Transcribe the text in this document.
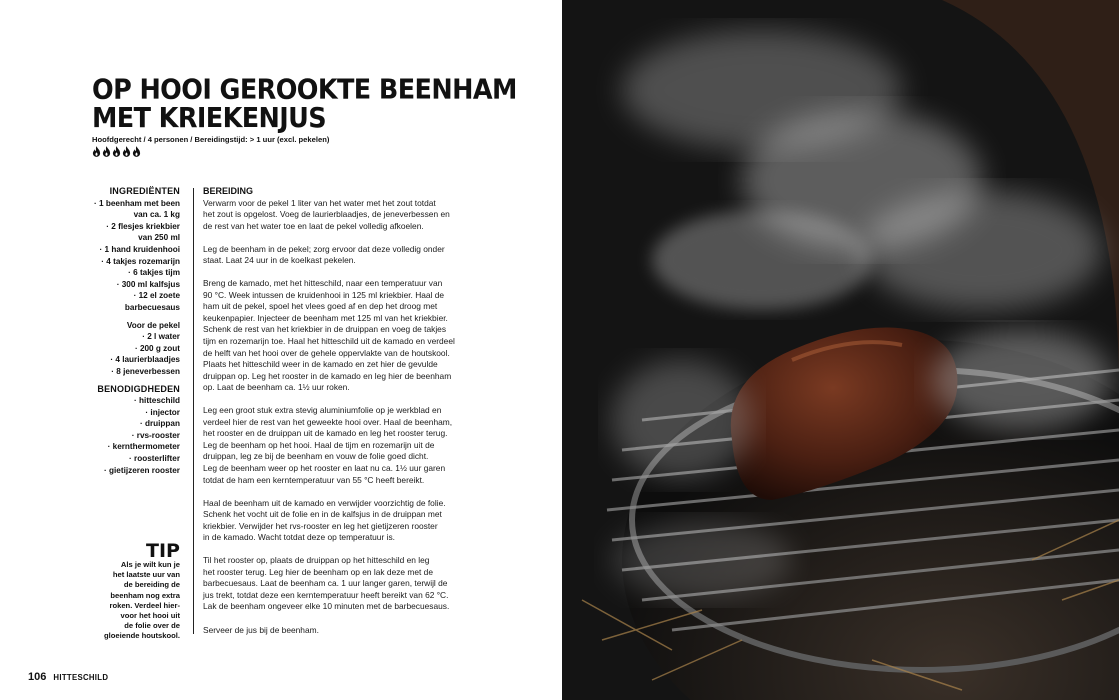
OP HOOI GEROOKTE BEENHAM
MET KRIEKENJUS
Hoofdgerecht / 4 personen / Bereidingstijd: > 1 uur (excl. pekelen)
INGREDIËNTEN
· 1 beenham met been
van ca. 1 kg
· 2 flesjes kriekbier
van 250 ml
· 1 hand kruidenhooi
· 4 takjes rozemarijn
· 6 takjes tijm
· 300 ml kalfsjus
· 12 el zoete
barbecuesaus
Voor de pekel
· 2 l water
· 200 g zout
· 4 laurierblaadjes
· 8 jeneverbessen
BENODIGDHEDEN
· hitteschild
· injector
· druippan
· rvs-rooster
· kernthermometer
· roosterlifter
· gietijzeren rooster
TIP
Als je wilt kun je
het laatste uur van
de bereiding de
beenham nog extra
roken. Verdeel hier-
voor het hooi uit
de folie over de
gloeiende houtskool.
BEREIDING

Verwarm voor de pekel 1 liter van het water met het zout totdat
het zout is opgelost. Voeg de laurierblaadjes, de jeneverbessen en
de rest van het water toe en laat de pekel volledig afkoelen.

Leg de beenham in de pekel; zorg ervoor dat deze volledig onder
staat. Laat 24 uur in de koelkast pekelen.

Breng de kamado, met het hitteschild, naar een temperatuur van
90 °C. Week intussen de kruidenhooi in 125 ml kriekbier. Haal de
ham uit de pekel, spoel het vlees goed af en dep het droog met
keukenpapier. Injecteer de beenham met 125 ml van het kriekbier.
Schenk de rest van het kriekbier in de druippan en voeg de takjes
tijm en rozemarijn toe. Haal het hitteschild uit de kamado en verdeel
de helft van het hooi over de gehele oppervlakte van de houtskool.
Plaats het hitteschild weer in de kamado en zet hier de gevulde
druippan op. Leg het rooster in de kamado en leg hier de beenham
op. Laat de beenham ca. 1½ uur roken.

Leg een groot stuk extra stevig aluminiumfolie op je werkblad en
verdeel hier de rest van het geweekte hooi over. Haal de beenham,
het rooster en de druippan uit de kamado en leg het rooster terug.
Leg de beenham op het hooi. Haal de tijm en rozemarijn uit de
druippan, leg ze bij de beenham en vouw de folie goed dicht.
Leg de beenham weer op het rooster en laat nu ca. 1½ uur garen
totdat de ham een kerntemperatuur van 55 °C heeft bereikt.

Haal de beenham uit de kamado en verwijder voorzichtig de folie.
Schenk het vocht uit de folie en in de kalfsjus in de druippan met
kriekbier. Verwijder het rvs-rooster en leg het gietijzeren rooster
in de kamado. Wacht totdat deze op temperatuur is.

Til het rooster op, plaats de druippan op het hitteschild en leg
het rooster terug. Leg hier de beenham op en lak deze met de
barbecuesaus. Laat de beenham ca. 1 uur langer garen, terwijl de
jus trekt, totdat deze een kerntemperatuur heeft bereikt van 62 °C.
Lak de beenham ongeveer elke 10 minuten met de barbecuesaus.

Serveer de jus bij de beenham.

106 HITTESCHILD
